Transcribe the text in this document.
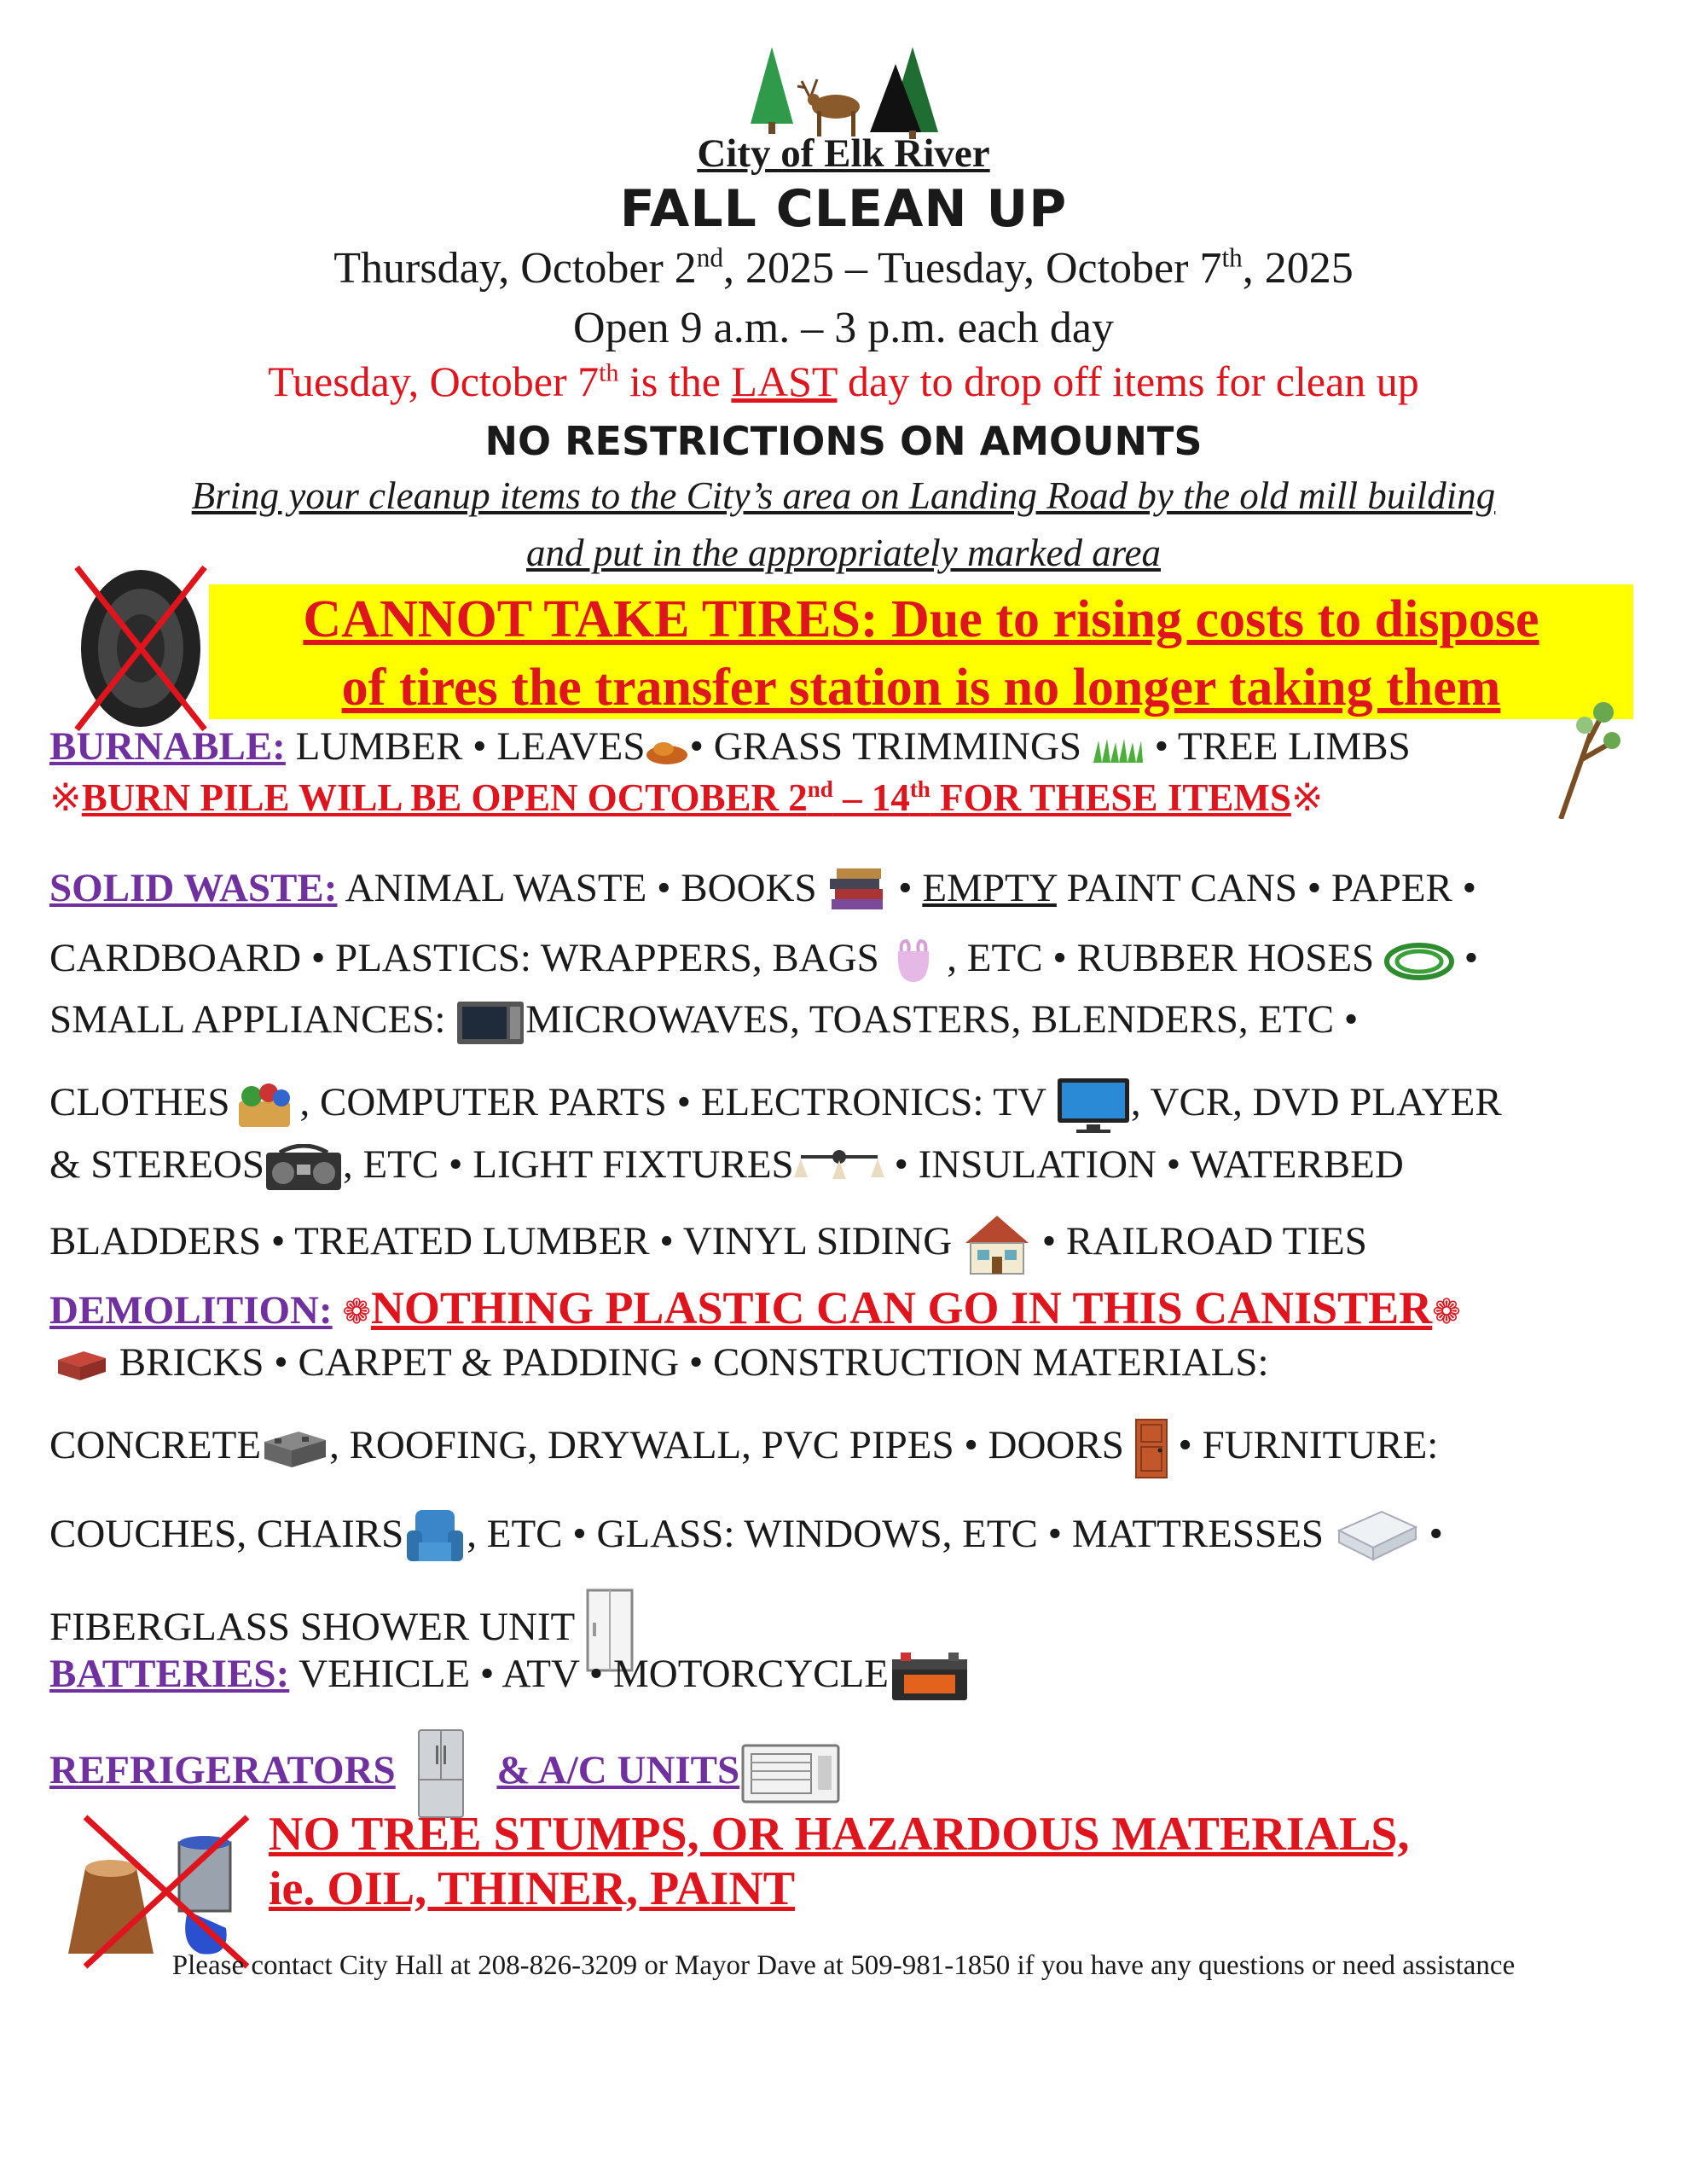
City of Elk River
FALL CLEAN UP
Thursday, October 2nd, 2025 – Tuesday, October 7th, 2025
Open 9 a.m. – 3 p.m. each day
Tuesday, October 7th is the LAST day to drop off items for clean up
NO RESTRICTIONS ON AMOUNTS
Bring your cleanup items to the City’s area on Landing Road by the old mill building
and put in the appropriately marked area
CANNOT TAKE TIRES: Due to rising costs to dispose
of tires the transfer station is no longer taking them
BURNABLE: LUMBER • LEAVES • GRASS TRIMMINGS  • TREE LIMBS
※BURN PILE WILL BE OPEN OCTOBER 2nd – 14th FOR THESE ITEMS※
SOLID WASTE: ANIMAL WASTE • BOOKS  • EMPTY PAINT CANS • PAPER •
CARDBOARD • PLASTICS: WRAPPERS, BAGS  , ETC • RUBBER HOSES  •
SMALL APPLIANCES: MICROWAVES, TOASTERS, BLENDERS, ETC •
CLOTHES , COMPUTER PARTS • ELECTRONICS: TV , VCR, DVD PLAYER
& STEREOS , ETC • LIGHT FIXTURES • INSULATION • WATERBED
BLADDERS • TREATED LUMBER • VINYL SIDING  • RAILROAD TIES
DEMOLITION: ❁NOTHING PLASTIC CAN GO IN THIS CANISTER❁
BRICKS • CARPET & PADDING • CONSTRUCTION MATERIALS:
CONCRETE , ROOFING, DRYWALL, PVC PIPES • DOORS  • FURNITURE:
COUCHES, CHAIRS , ETC • GLASS: WINDOWS, ETC • MATTRESSES  •
FIBERGLASS SHOWER UNIT
BATTERIES: VEHICLE • ATV • MOTORCYCLE
REFRIGERATORS	& A/C UNITS
NO TREE STUMPS, OR HAZARDOUS MATERIALS,
ie. OIL, THINER, PAINT
Please contact City Hall at 208-826-3209 or Mayor Dave at 509-981-1850 if you have any questions or need assistance
